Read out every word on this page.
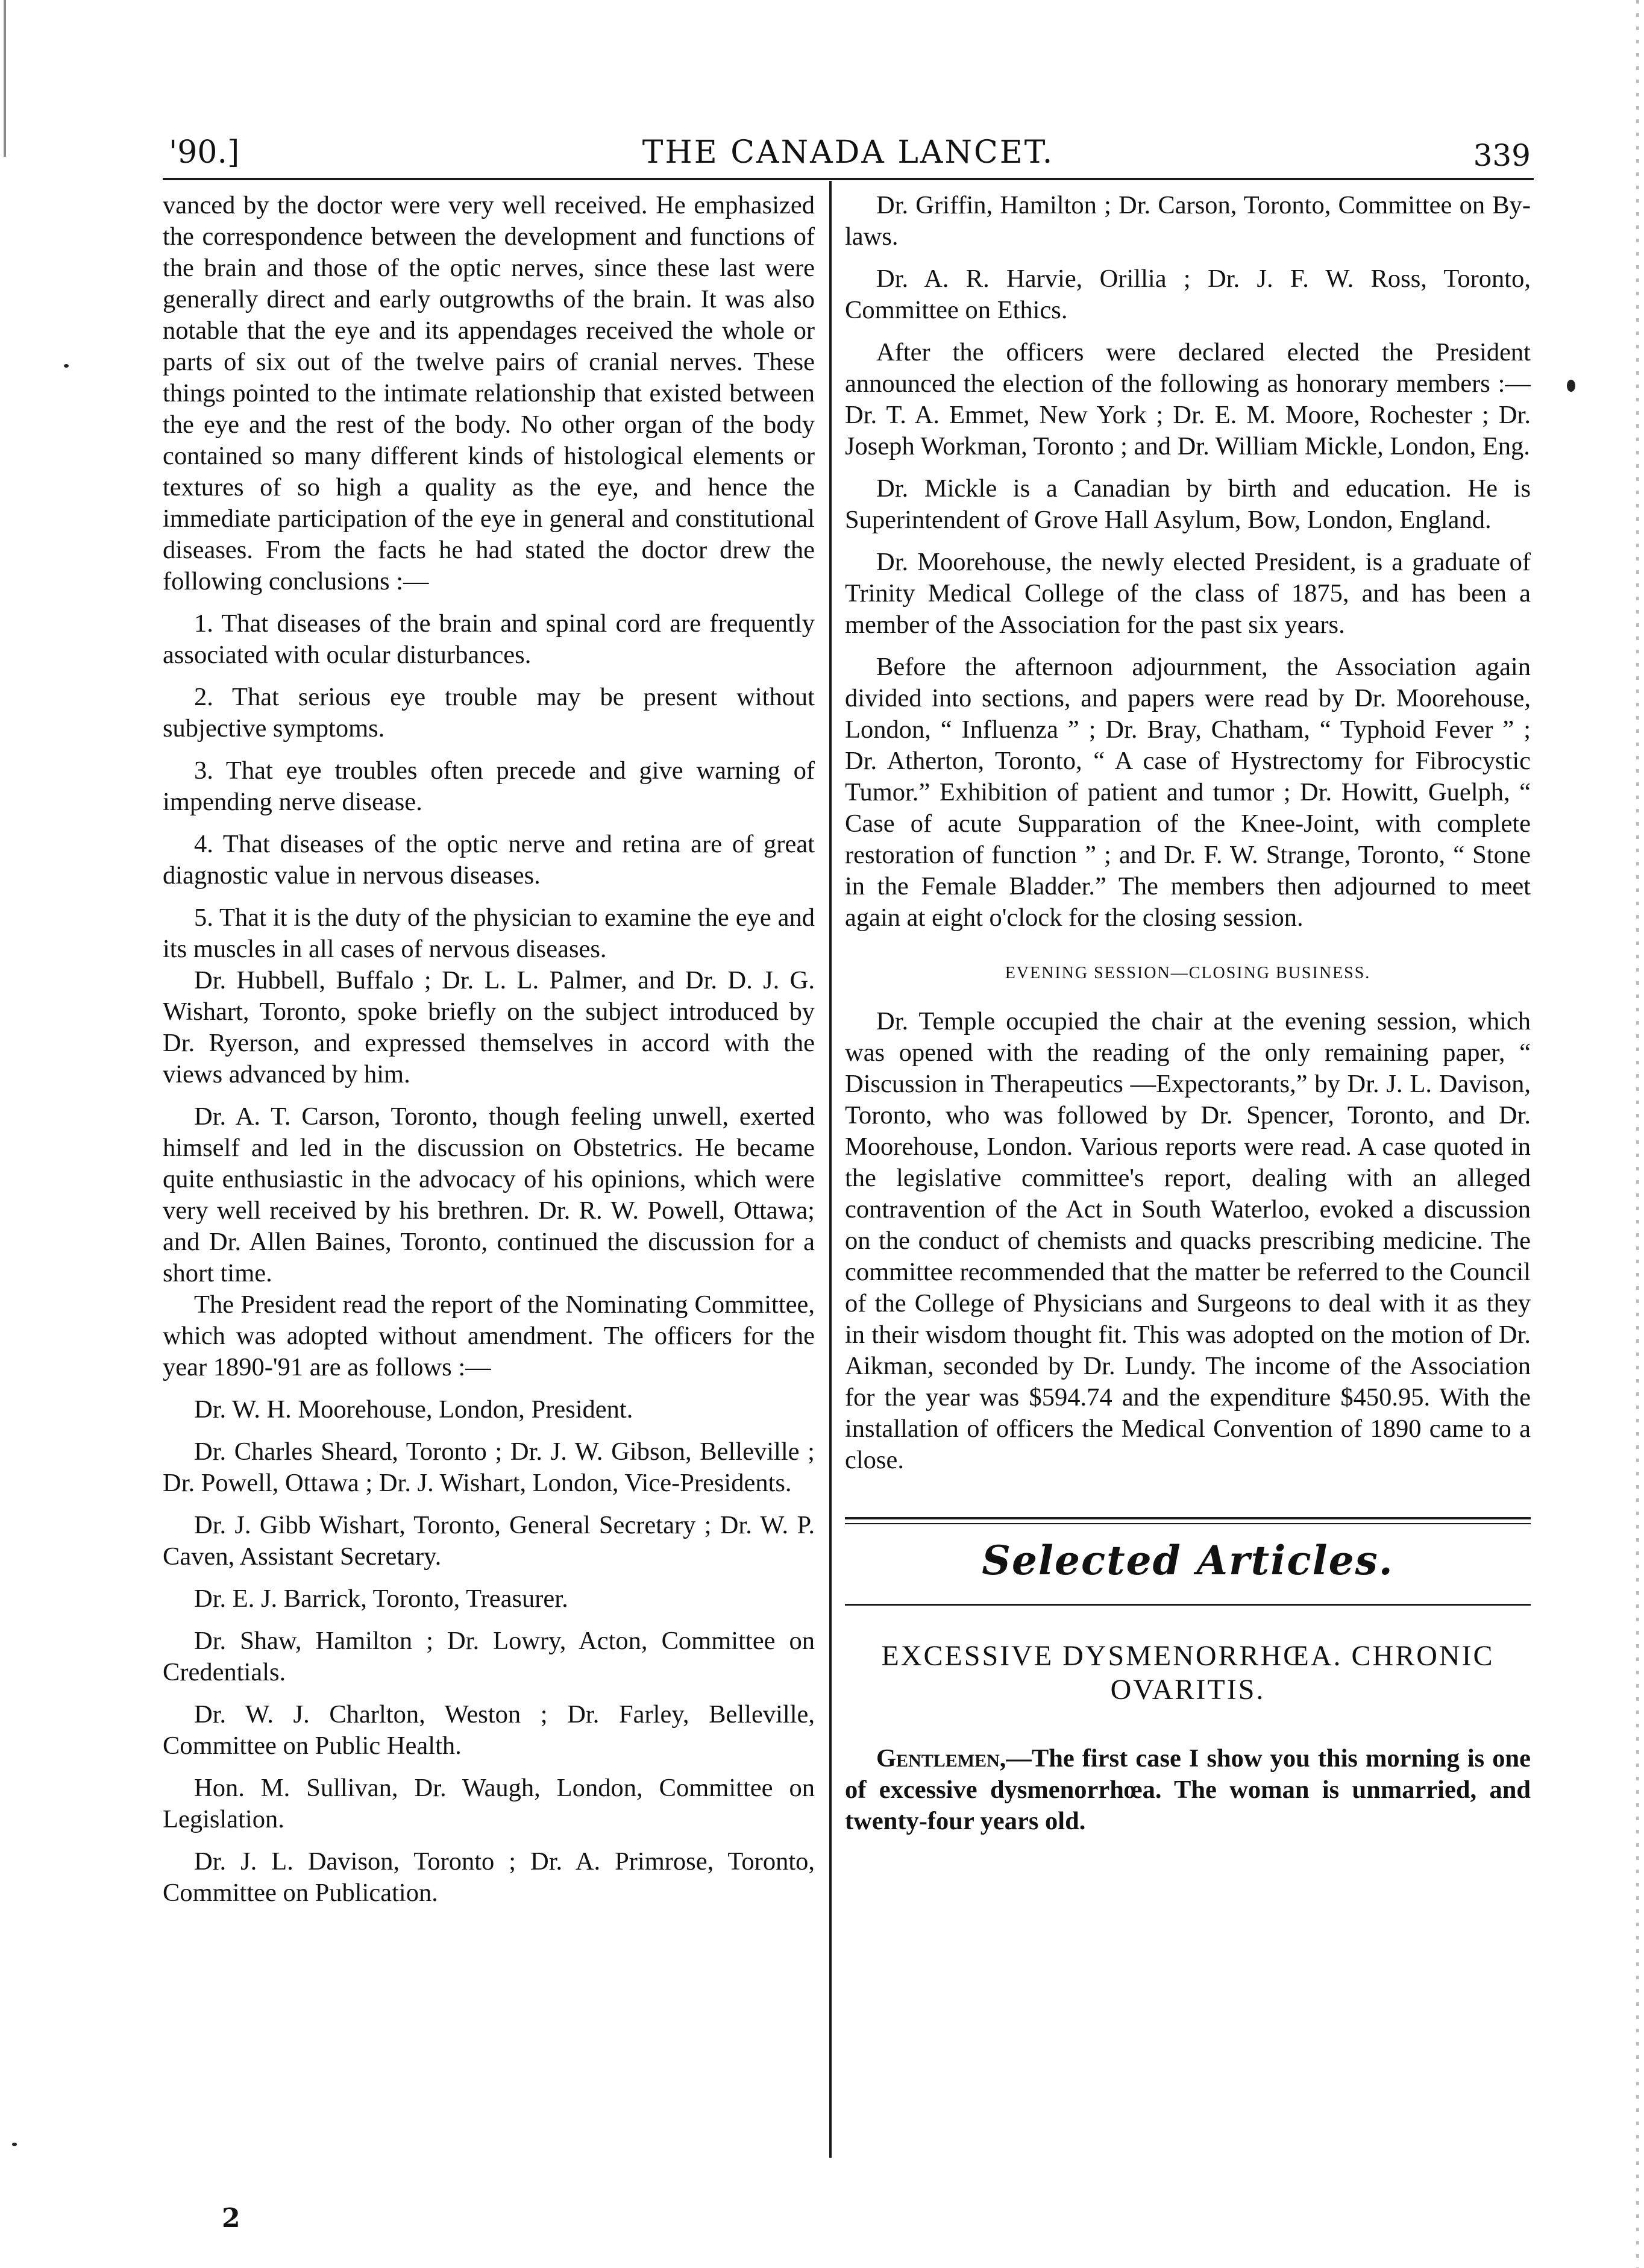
'90.]	THE CANADA LANCET.	339

vanced by the doctor were very well received. He emphasized the correspondence between the development and functions of the brain and those of the optic nerves, since these last were generally direct and early outgrowths of the brain. It was also notable that the eye and its appendages received the whole or parts of six out of the twelve pairs of cranial nerves. These things pointed to the intimate relationship that existed between the eye and the rest of the body. No other organ of the body contained so many different kinds of histological elements or textures of so high a quality as the eye, and hence the immediate participation of the eye in general and constitutional diseases. From the facts he had stated the doctor drew the following conclusions :—

1. That diseases of the brain and spinal cord are frequently associated with ocular disturbances.

2. That serious eye trouble may be present without subjective symptoms.

3. That eye troubles often precede and give warning of impending nerve disease.

4. That diseases of the optic nerve and retina are of great diagnostic value in nervous diseases.

5. That it is the duty of the physician to examine the eye and its muscles in all cases of nervous diseases.

Dr. Hubbell, Buffalo ; Dr. L. L. Palmer, and Dr. D. J. G. Wishart, Toronto, spoke briefly on the subject introduced by Dr. Ryerson, and expressed themselves in accord with the views advanced by him.

Dr. A. T. Carson, Toronto, though feeling unwell, exerted himself and led in the discussion on Obstetrics. He became quite enthusiastic in the advocacy of his opinions, which were very well received by his brethren. Dr. R. W. Powell, Ottawa; and Dr. Allen Baines, Toronto, continued the discussion for a short time.

The President read the report of the Nominating Committee, which was adopted without amendment. The officers for the year 1890-'91 are as follows :—

Dr. W. H. Moorehouse, London, President.

Dr. Charles Sheard, Toronto ; Dr. J. W. Gibson, Belleville ; Dr. Powell, Ottawa ; Dr. J. Wishart, London, Vice-Presidents.

Dr. J. Gibb Wishart, Toronto, General Secretary ; Dr. W. P. Caven, Assistant Secretary.

Dr. E. J. Barrick, Toronto, Treasurer.

Dr. Shaw, Hamilton ; Dr. Lowry, Acton, Committee on Credentials.

Dr. W. J. Charlton, Weston ; Dr. Farley, Belleville, Committee on Public Health.

Hon. M. Sullivan, Dr. Waugh, London, Committee on Legislation.

Dr. J. L. Davison, Toronto ; Dr. A. Primrose, Toronto, Committee on Publication.

2

Dr. Griffin, Hamilton ; Dr. Carson, Toronto, Committee on By-laws.

Dr. A. R. Harvie, Orillia ; Dr. J. F. W. Ross, Toronto, Committee on Ethics.

After the officers were declared elected the President announced the election of the following as honorary members :—Dr. T. A. Emmet, New York ; Dr. E. M. Moore, Rochester ; Dr. Joseph Workman, Toronto ; and Dr. William Mickle, London, Eng.

Dr. Mickle is a Canadian by birth and education. He is Superintendent of Grove Hall Asylum, Bow, London, England.

Dr. Moorehouse, the newly elected President, is a graduate of Trinity Medical College of the class of 1875, and has been a member of the Association for the past six years.

Before the afternoon adjournment, the Association again divided into sections, and papers were read by Dr. Moorehouse, London, “ Influenza ” ; Dr. Bray, Chatham, “ Typhoid Fever ” ; Dr. Atherton, Toronto, “ A case of Hystrectomy for Fibrocystic Tumor.” Exhibition of patient and tumor ; Dr. Howitt, Guelph, “ Case of acute Supparation of the Knee-Joint, with complete restoration of function ” ; and Dr. F. W. Strange, Toronto, “ Stone in the Female Bladder.” The members then adjourned to meet again at eight o'clock for the closing session.

EVENING SESSION—CLOSING BUSINESS.

Dr. Temple occupied the chair at the evening session, which was opened with the reading of the only remaining paper, “ Discussion in Therapeutics —Expectorants,” by Dr. J. L. Davison, Toronto, who was followed by Dr. Spencer, Toronto, and Dr. Moorehouse, London. Various reports were read. A case quoted in the legislative committee's report, dealing with an alleged contravention of the Act in South Waterloo, evoked a discussion on the conduct of chemists and quacks prescribing medicine. The committee recommended that the matter be referred to the Council of the College of Physicians and Surgeons to deal with it as they in their wisdom thought fit. This was adopted on the motion of Dr. Aikman, seconded by Dr. Lundy. The income of the Association for the year was $594.74 and the expenditure $450.95. With the installation of officers the Medical Convention of 1890 came to a close.

Selected Articles.
EXCESSIVE DYSMENORRHŒA. CHRONIC OVARITIS.

Gentlemen,—The first case I show you this morning is one of excessive dysmenorrhœa. The woman is unmarried, and twenty-four years old.
